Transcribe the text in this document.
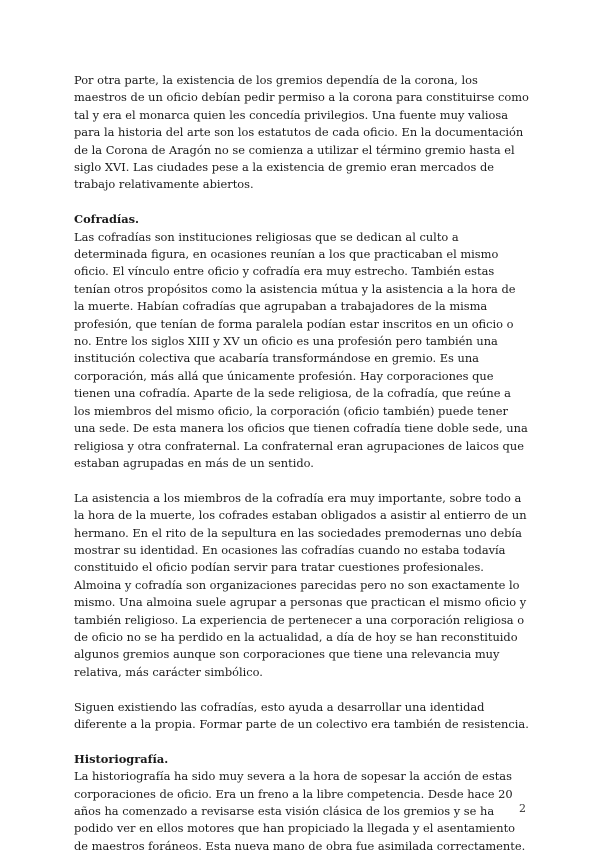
Por otra parte, la existencia de los gremios dependía de la corona, los maestros de un oficio debían pedir permiso a la corona para constituirse como tal y era el monarca quien les concedía privilegios. Una fuente muy valiosa para la historia del arte son los estatutos de cada oficio. En la documentación de la Corona de Aragón no se comienza a utilizar el término gremio hasta el siglo XVI. Las ciudades pese a la existencia de gremio eran mercados de trabajo relativamente abiertos.

Cofradías.

Las cofradías son instituciones religiosas que se dedican al culto a determinada figura, en ocasiones reunían a los que practicaban el mismo oficio. El vínculo entre oficio y cofradía era muy estrecho. También estas tenían otros propósitos como la asistencia mútua y la asistencia a la hora de la muerte. Habían cofradías que agrupaban a trabajadores de la misma profesión, que tenían de forma paralela podían estar inscritos en un oficio o no. Entre los siglos XIII y XV un oficio es una profesión pero también una institución colectiva que acabaría transformándose en gremio. Es una corporación, más allá que únicamente profesión. Hay corporaciones que tienen una cofradía. Aparte de la sede religiosa, de la cofradía, que reúne a los miembros del mismo oficio, la corporación (oficio también) puede tener una sede. De esta manera los oficios que tienen cofradía tiene doble sede, una religiosa y otra confraternal. La confraternal eran agrupaciones de laicos que estaban agrupadas en más de un sentido.

La asistencia a los miembros de la cofradía era muy importante, sobre todo a la hora de la muerte, los cofrades estaban obligados a asistir al entierro de un hermano. En el rito de la sepultura en las sociedades premodernas uno debía mostrar su identidad. En ocasiones las cofradías cuando no estaba todavía constituido el oficio podían servir para tratar cuestiones profesionales. Almoina y cofradía son organizaciones parecidas pero no son exactamente lo mismo. Una almoina suele agrupar a personas que practican el mismo oficio y también religioso. La experiencia de pertenecer a una corporación religiosa o de oficio no se ha perdido en la actualidad, a día de hoy se han reconstituido algunos gremios aunque son corporaciones que tiene una relevancia muy relativa, más carácter simbólico.

Siguen existiendo las cofradías, esto ayuda a desarrollar una identidad diferente a la propia. Formar parte de un colectivo era también de resistencia.

Historiografía.

La historiografía ha sido muy severa a la hora de sopesar la acción de estas corporaciones de oficio. Era un freno a la libre competencia. Desde hace 20 años ha comenzado a revisarse esta visión clásica de los gremios y se ha podido ver en ellos motores que han propiciado la llegada y el asentamiento de maestros foráneos. Esta nueva mano de obra fue asimilada correctamente.

2
